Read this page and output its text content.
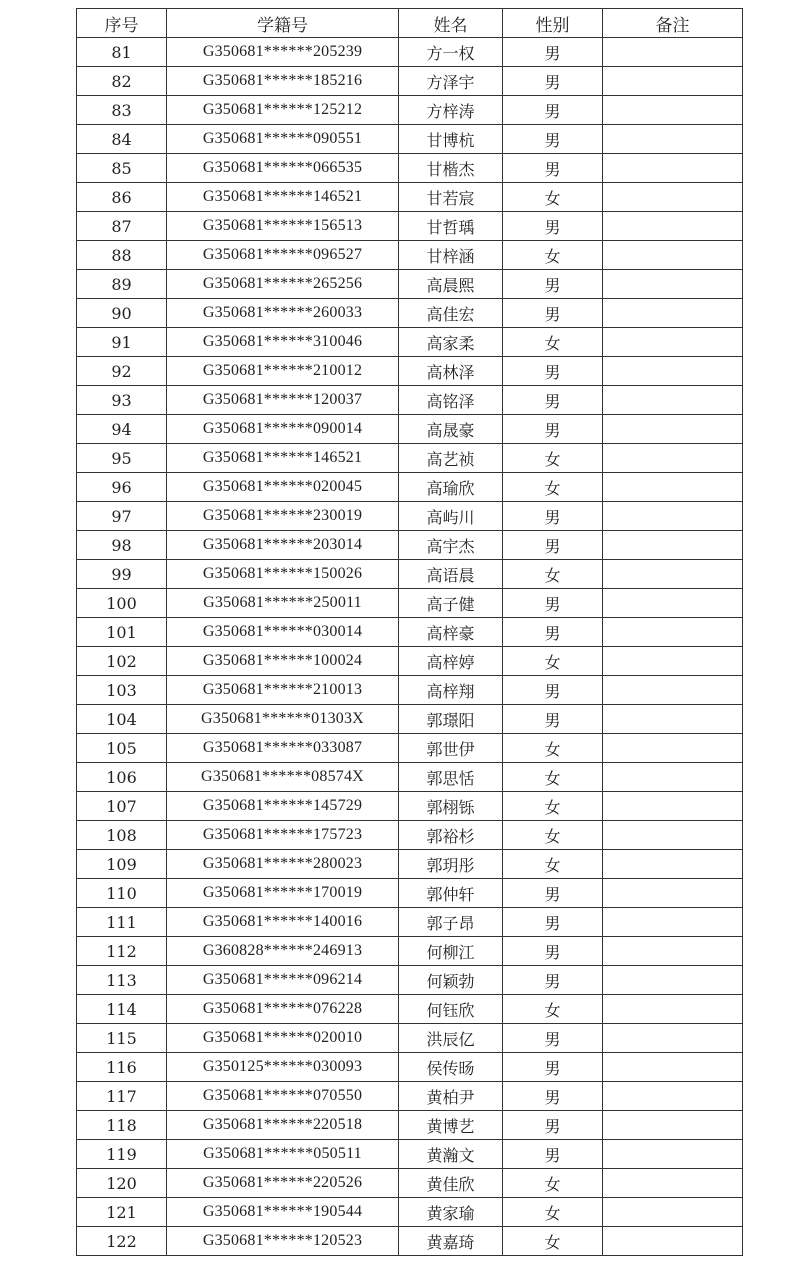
序号	学籍号	姓名	性别	备注
81	G350681******205239	方一权	男	
82	G350681******185216	方泽宇	男	
83	G350681******125212	方梓涛	男	
84	G350681******090551	甘博杭	男	
85	G350681******066535	甘楷杰	男	
86	G350681******146521	甘若宸	女	
87	G350681******156513	甘哲瑀	男	
88	G350681******096527	甘梓涵	女	
89	G350681******265256	高晨熙	男	
90	G350681******260033	高佳宏	男	
91	G350681******310046	高家柔	女	
92	G350681******210012	高林泽	男	
93	G350681******120037	高铭泽	男	
94	G350681******090014	高晟豪	男	
95	G350681******146521	高艺祯	女	
96	G350681******020045	高瑜欣	女	
97	G350681******230019	高屿川	男	
98	G350681******203014	高宇杰	男	
99	G350681******150026	高语晨	女	
100	G350681******250011	高子健	男	
101	G350681******030014	高梓豪	男	
102	G350681******100024	高梓婷	女	
103	G350681******210013	高梓翔	男	
104	G350681******01303X	郭璟阳	男	
105	G350681******033087	郭世伊	女	
106	G350681******08574X	郭思恬	女	
107	G350681******145729	郭栩铄	女	
108	G350681******175723	郭裕杉	女	
109	G350681******280023	郭玥彤	女	
110	G350681******170019	郭仲轩	男	
111	G350681******140016	郭子昂	男	
112	G360828******246913	何柳江	男	
113	G350681******096214	何颖勃	男	
114	G350681******076228	何钰欣	女	
115	G350681******020010	洪辰亿	男	
116	G350125******030093	侯传旸	男	
117	G350681******070550	黄柏尹	男	
118	G350681******220518	黄博艺	男	
119	G350681******050511	黄瀚文	男	
120	G350681******220526	黄佳欣	女	
121	G350681******190544	黄家瑜	女	
122	G350681******120523	黄嘉琦	女	
